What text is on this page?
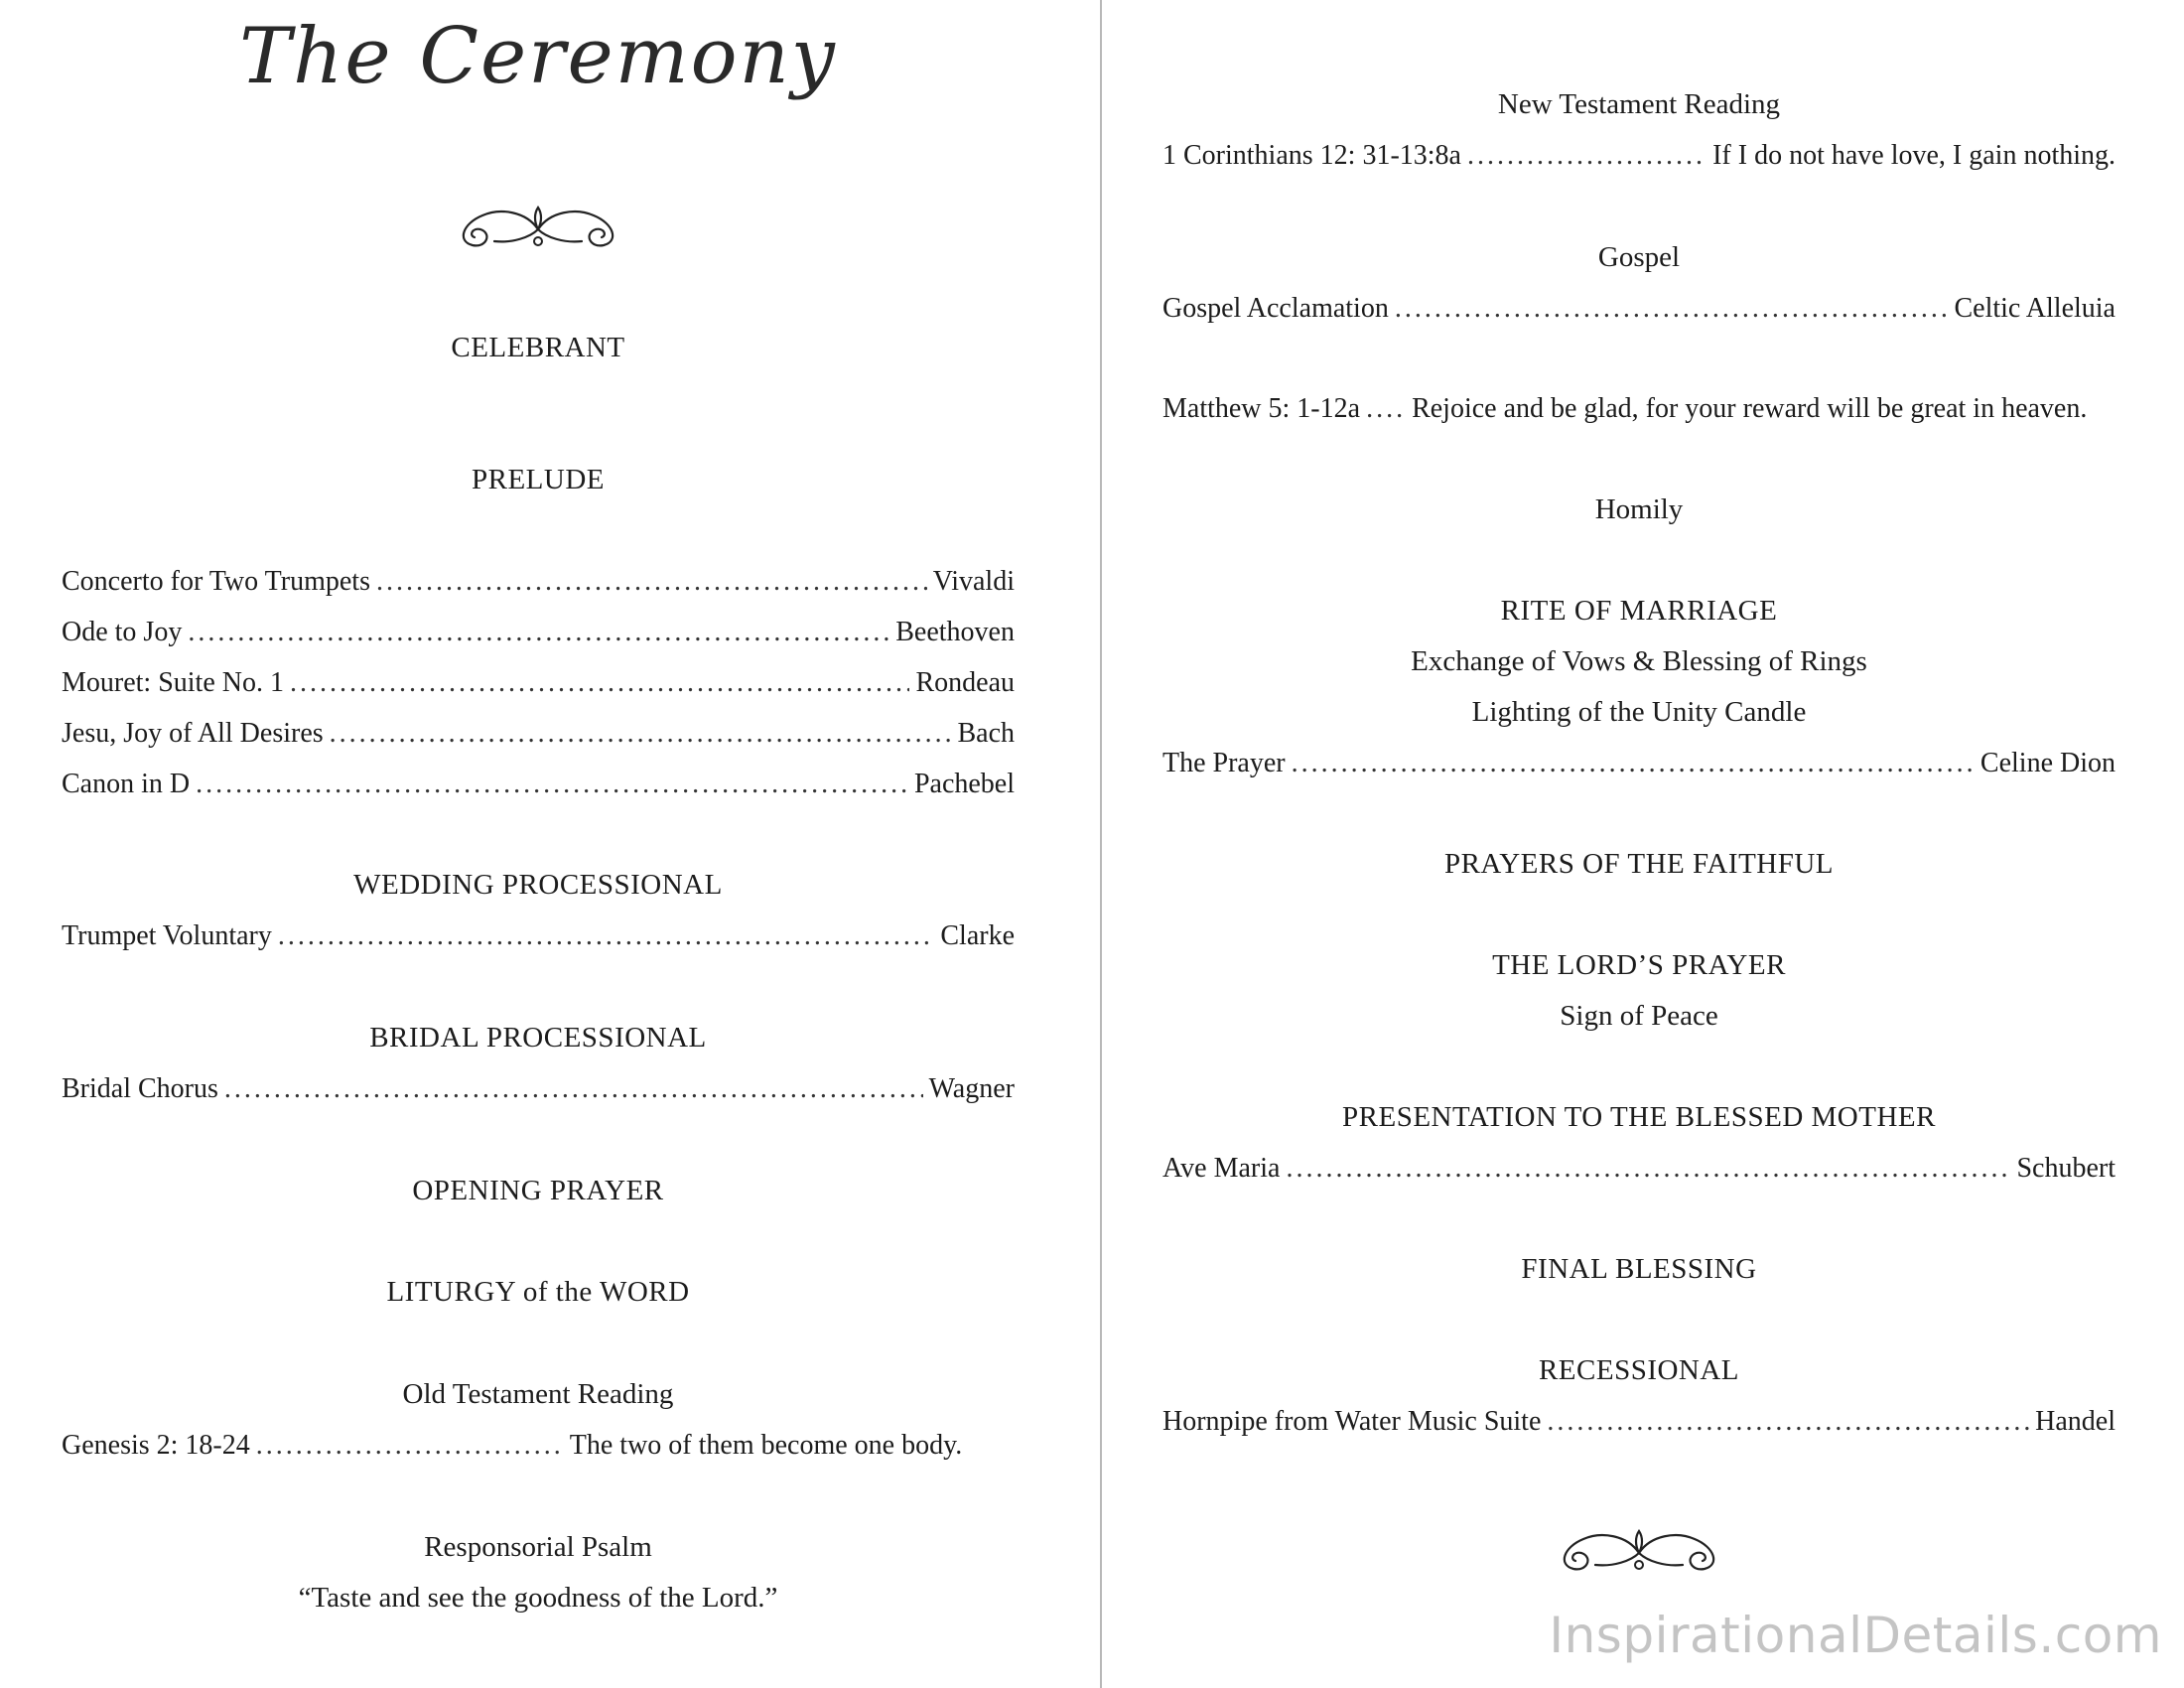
The Ceremony
CELEBRANT
PRELUDE
Concerto for Two Trumpets .....	Vivaldi
Ode to Joy .....	Beethoven
Mouret: Suite No. 1 .....	Rondeau
Jesu, Joy of All Desires .....	Bach
Canon in D .....	Pachebel
WEDDING PROCESSIONAL
Trumpet Voluntary .....	Clarke
BRIDAL PROCESSIONAL
Bridal Chorus .....	Wagner
OPENING PRAYER
LITURGY of the WORD
Old Testament Reading
Genesis 2: 18-24 .....	The two of them become one body.
Responsorial Psalm
“Taste and see the goodness of the Lord.”
New Testament Reading
1 Corinthians 12: 31-13:8a .....	If I do not have love, I gain nothing.
Gospel
Gospel Acclamation .....	Celtic Alleluia
Matthew 5: 1-12a ..... Rejoice and be glad, for your reward will be great in heaven.
Homily
RITE OF MARRIAGE
Exchange of Vows & Blessing of Rings
Lighting of the Unity Candle
The Prayer .....	Celine Dion
PRAYERS OF THE FAITHFUL
THE LORD’S PRAYER
Sign of Peace
PRESENTATION TO THE BLESSED MOTHER
Ave Maria .....	Schubert
FINAL BLESSING
RECESSIONAL
Hornpipe from Water Music Suite .....	Handel
InspirationalDetails.com
